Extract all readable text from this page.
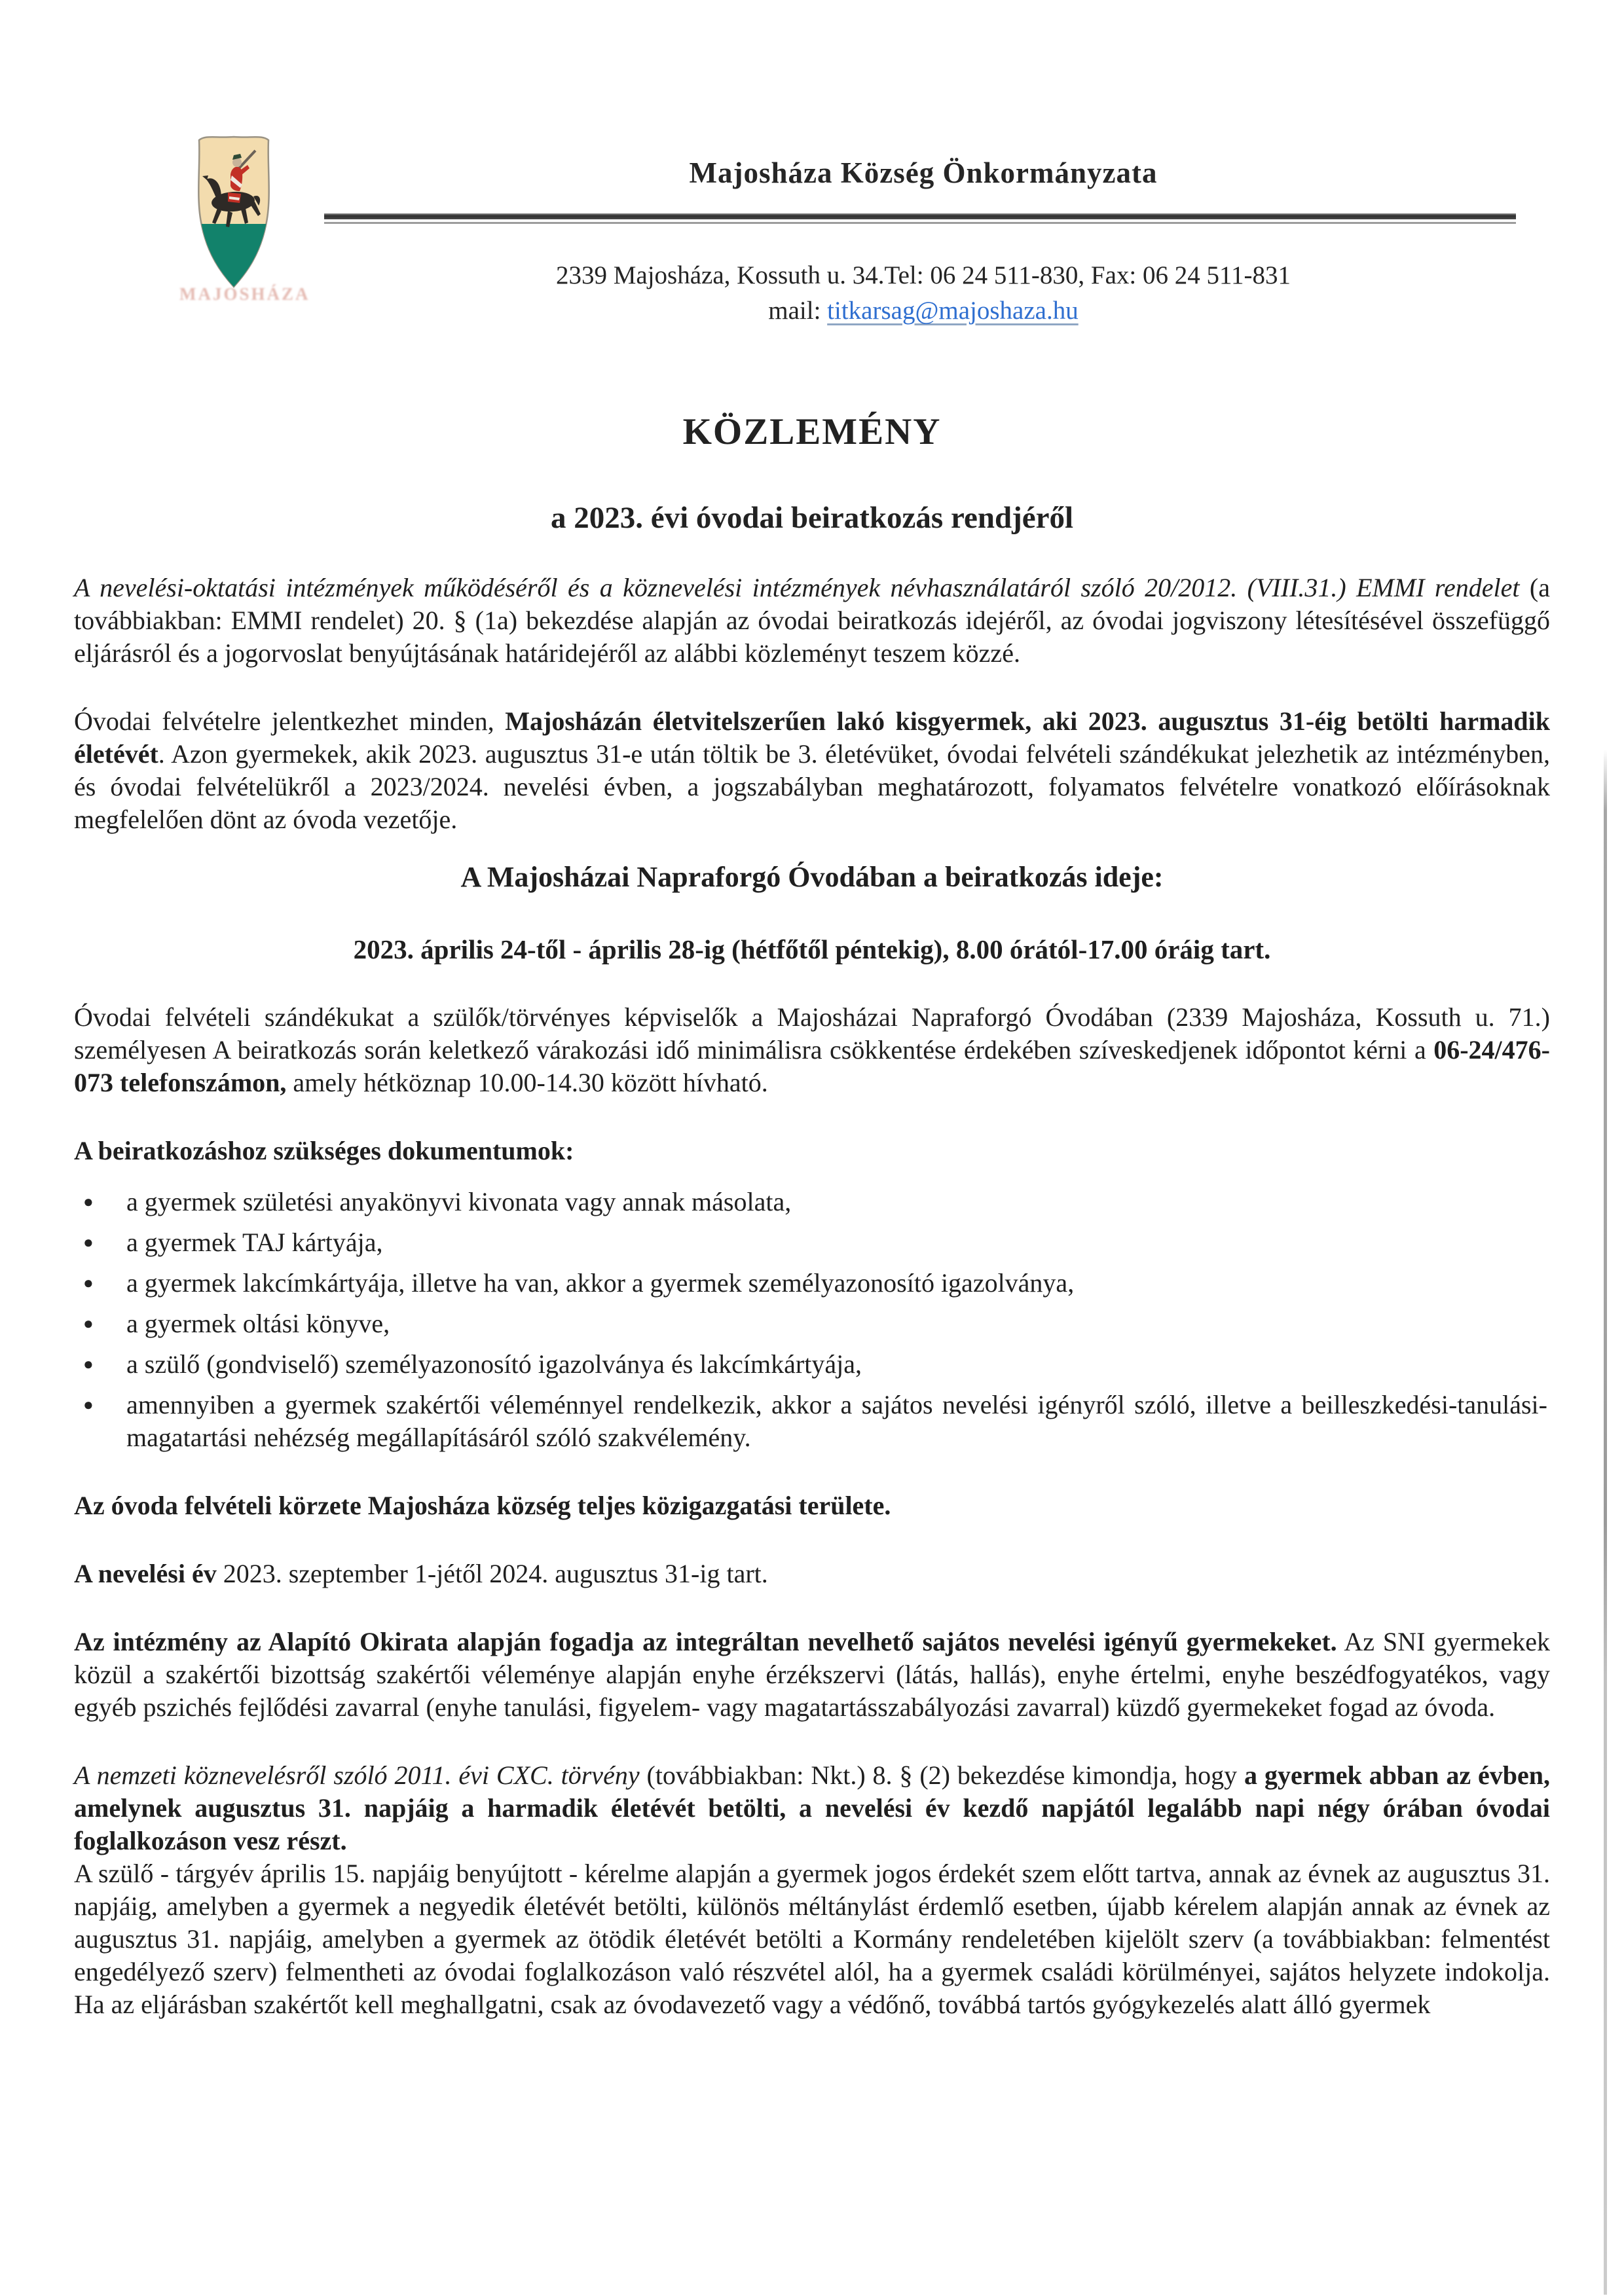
MAJOSHÁZA
Majosháza Község Önkormányzata
2339 Majosháza, Kossuth u. 34.Tel: 06 24 511-830, Fax: 06 24 511-831
mail: titkarsag@majoshaza.hu
KÖZLEMÉNY
a 2023. évi óvodai beiratkozás rendjéről

A nevelési-oktatási intézmények működéséről és a köznevelési intézmények névhasználatáról szóló 20/2012. (VIII.31.) EMMI rendelet (a továbbiakban: EMMI rendelet) 20. § (1a) bekezdése alapján az óvodai beiratkozás idejéről, az óvodai jogviszony létesítésével összefüggő eljárásról és a jogorvoslat benyújtásának határidejéről az alábbi közleményt teszem közzé.

Óvodai felvételre jelentkezhet minden, Majosházán életvitelszerűen lakó kisgyermek, aki 2023. augusztus 31-éig betölti harmadik életévét. Azon gyermekek, akik 2023. augusztus 31-e után töltik be 3. életévüket, óvodai felvételi szándékukat jelezhetik az intézményben, és óvodai felvételükről a 2023/2024. nevelési évben, a jogszabályban meghatározott, folyamatos felvételre vonatkozó előírásoknak megfelelően dönt az óvoda vezetője.

A Majosházai Napraforgó Óvodában a beiratkozás ideje:
2023. április 24-től - április 28-ig (hétfőtől péntekig), 8.00 órától-17.00 óráig tart.

Óvodai felvételi szándékukat a szülők/törvényes képviselők a Majosházai Napraforgó Óvodában (2339 Majosháza, Kossuth u. 71.) személyesen A beiratkozás során keletkező várakozási idő minimálisra csökkentése érdekében szíveskedjenek időpontot kérni a 06-24/476-073 telefonszámon, amely hétköznap 10.00-14.30 között hívható.

A beiratkozáshoz szükséges dokumentumok:

●	a gyermek születési anyakönyvi kivonata vagy annak másolata,
●	a gyermek TAJ kártyája,
●	a gyermek lakcímkártyája, illetve ha van, akkor a gyermek személyazonosító igazolványa,
●	a gyermek oltási könyve,
●	a szülő (gondviselő) személyazonosító igazolványa és lakcímkártyája,
●	amennyiben a gyermek szakértői véleménnyel rendelkezik, akkor a sajátos nevelési igényről szóló, illetve a beilleszkedési-tanulási-magatartási nehézség megállapításáról szóló szakvélemény.

Az óvoda felvételi körzete Majosháza község teljes közigazgatási területe.

A nevelési év 2023. szeptember 1-jétől 2024. augusztus 31-ig tart.

Az intézmény az Alapító Okirata alapján fogadja az integráltan nevelhető sajátos nevelési igényű gyermekeket. Az SNI gyermekek közül a szakértői bizottság szakértői véleménye alapján enyhe érzékszervi (látás, hallás), enyhe értelmi, enyhe beszédfogyatékos, vagy egyéb pszichés fejlődési zavarral (enyhe tanulási, figyelem- vagy magatartásszabályozási zavarral) küzdő gyermekeket fogad az óvoda.

A nemzeti köznevelésről szóló 2011. évi CXC. törvény (továbbiakban: Nkt.) 8. § (2) bekezdése kimondja, hogy a gyermek abban az évben, amelynek augusztus 31. napjáig a harmadik életévét betölti, a nevelési év kezdő napjától legalább napi négy órában óvodai foglalkozáson vesz részt.

A szülő - tárgyév április 15. napjáig benyújtott - kérelme alapján a gyermek jogos érdekét szem előtt tartva, annak az évnek az augusztus 31. napjáig, amelyben a gyermek a negyedik életévét betölti, különös méltánylást érdemlő esetben, újabb kérelem alapján annak az évnek az augusztus 31. napjáig, amelyben a gyermek az ötödik életévét betölti a Kormány rendeletében kijelölt szerv (a továbbiakban: felmentést engedélyező szerv) felmentheti az óvodai foglalkozáson való részvétel alól, ha a gyermek családi körülményei, sajátos helyzete indokolja. Ha az eljárásban szakértőt kell meghallgatni, csak az óvodavezető vagy a védőnő, továbbá tartós gyógykezelés alatt álló gyermek
